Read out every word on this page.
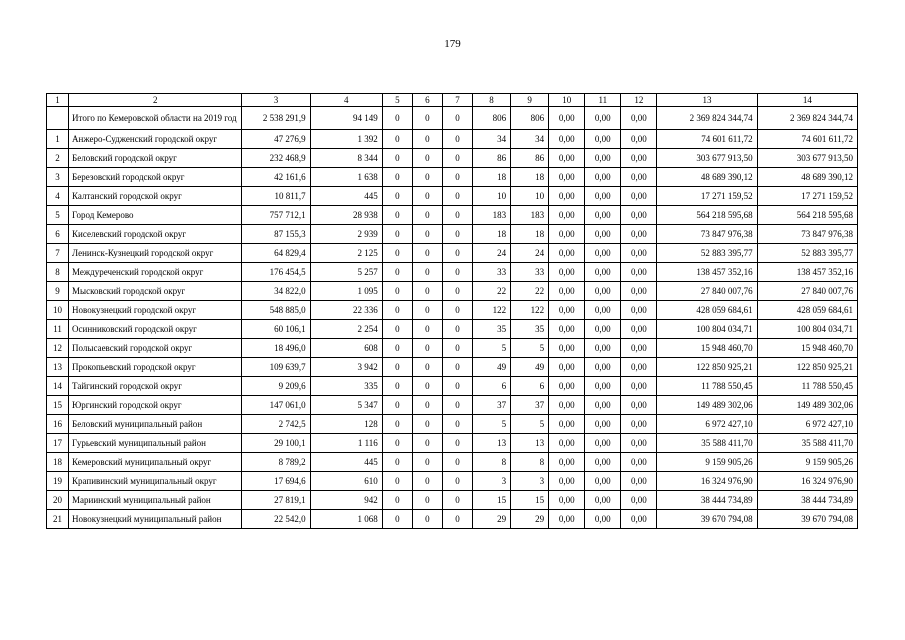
179
1	2	3	4	5	6	7	8	9	10	11	12	13	14
	Итого по Кемеровской области на 2019 год	2 538 291,9	94 149	0	0	0	806	806	0,00	0,00	0,00	2 369 824 344,74	2 369 824 344,74
1	Анжеро-Судженский городской округ	47 276,9	1 392	0	0	0	34	34	0,00	0,00	0,00	74 601 611,72	74 601 611,72
2	Беловский городской округ	232 468,9	8 344	0	0	0	86	86	0,00	0,00	0,00	303 677 913,50	303 677 913,50
3	Березовский городской округ	42 161,6	1 638	0	0	0	18	18	0,00	0,00	0,00	48 689 390,12	48 689 390,12
4	Калтанский городской округ	10 811,7	445	0	0	0	10	10	0,00	0,00	0,00	17 271 159,52	17 271 159,52
5	Город Кемерово	757 712,1	28 938	0	0	0	183	183	0,00	0,00	0,00	564 218 595,68	564 218 595,68
6	Киселевский городской округ	87 155,3	2 939	0	0	0	18	18	0,00	0,00	0,00	73 847 976,38	73 847 976,38
7	Ленинск-Кузнецкий городской округ	64 829,4	2 125	0	0	0	24	24	0,00	0,00	0,00	52 883 395,77	52 883 395,77
8	Междуреченский городской округ	176 454,5	5 257	0	0	0	33	33	0,00	0,00	0,00	138 457 352,16	138 457 352,16
9	Мысковский городской округ	34 822,0	1 095	0	0	0	22	22	0,00	0,00	0,00	27 840 007,76	27 840 007,76
10	Новокузнецкий городской округ	548 885,0	22 336	0	0	0	122	122	0,00	0,00	0,00	428 059 684,61	428 059 684,61
11	Осинниковский городской округ	60 106,1	2 254	0	0	0	35	35	0,00	0,00	0,00	100 804 034,71	100 804 034,71
12	Полысаевский городской округ	18 496,0	608	0	0	0	5	5	0,00	0,00	0,00	15 948 460,70	15 948 460,70
13	Прокопьевский городской округ	109 639,7	3 942	0	0	0	49	49	0,00	0,00	0,00	122 850 925,21	122 850 925,21
14	Тайгинский городской округ	9 209,6	335	0	0	0	6	6	0,00	0,00	0,00	11 788 550,45	11 788 550,45
15	Юргинский городской округ	147 061,0	5 347	0	0	0	37	37	0,00	0,00	0,00	149 489 302,06	149 489 302,06
16	Беловский муниципальный район	2 742,5	128	0	0	0	5	5	0,00	0,00	0,00	6 972 427,10	6 972 427,10
17	Гурьевский муниципальный район	29 100,1	1 116	0	0	0	13	13	0,00	0,00	0,00	35 588 411,70	35 588 411,70
18	Кемеровский муниципальный округ	8 789,2	445	0	0	0	8	8	0,00	0,00	0,00	9 159 905,26	9 159 905,26
19	Крапивинский муниципальный округ	17 694,6	610	0	0	0	3	3	0,00	0,00	0,00	16 324 976,90	16 324 976,90
20	Мариинский муниципальный район	27 819,1	942	0	0	0	15	15	0,00	0,00	0,00	38 444 734,89	38 444 734,89
21	Новокузнецкий муниципальный район	22 542,0	1 068	0	0	0	29	29	0,00	0,00	0,00	39 670 794,08	39 670 794,08
